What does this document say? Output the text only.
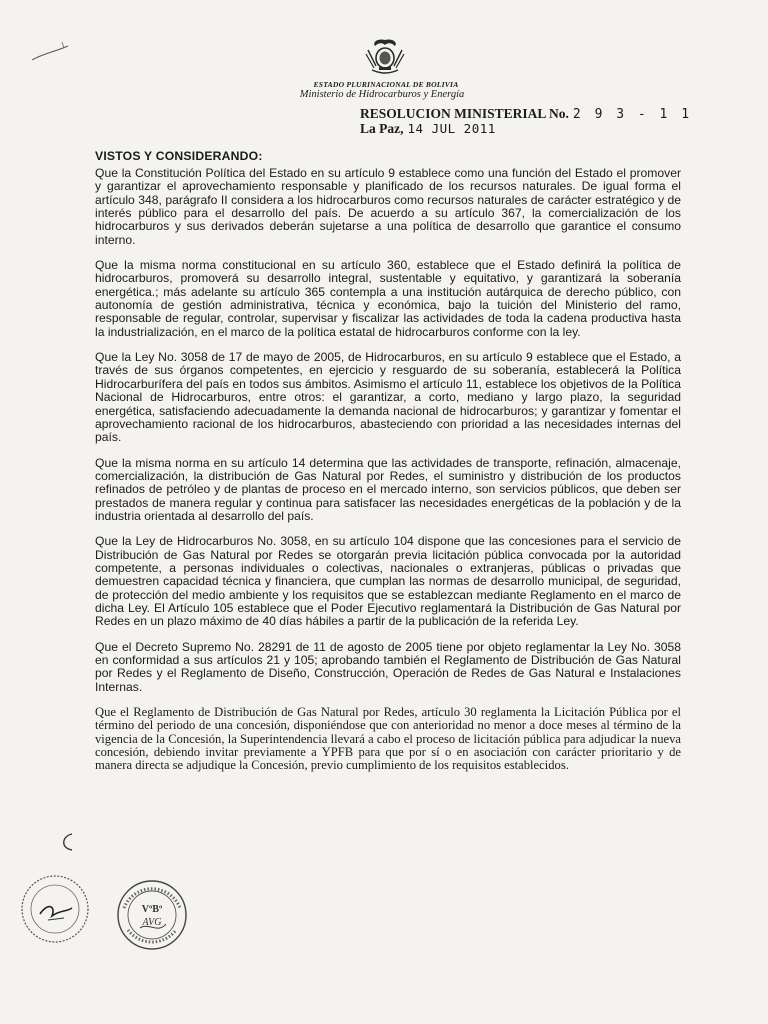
ESTADO PLURINACIONAL DE BOLIVIA
Ministerio de Hidrocarburos y Energía
RESOLUCION MINISTERIAL No. 2 9 3 - 1 1
La Paz, 14 JUL 2011
VISTOS Y CONSIDERANDO:

Que la Constitución Política del Estado en su artículo 9 establece como una función del Estado el promover y garantizar el aprovechamiento responsable y planificado de los recursos naturales. De igual forma el artículo 348, parágrafo II considera a los hidrocarburos como recursos naturales de carácter estratégico y de interés público para el desarrollo del país. De acuerdo a su artículo 367, la comercialización de los hidrocarburos y sus derivados deberán sujetarse a una política de desarrollo que garantice el consumo interno.

Que la misma norma constitucional en su artículo 360, establece que el Estado definirá la política de hidrocarburos, promoverá su desarrollo integral, sustentable y equitativo, y garantizará la soberanía energética.; más adelante su artículo 365 contempla a una institución autárquica de derecho público, con autonomía de gestión administrativa, técnica y económica, bajo la tuición del Ministerio del ramo, responsable de regular, controlar, supervisar y fiscalizar las actividades de toda la cadena productiva hasta la industrialización, en el marco de la política estatal de hidrocarburos conforme con la ley.

Que la Ley No. 3058 de 17 de mayo de 2005, de Hidrocarburos, en su artículo 9 establece que el Estado, a través de sus órganos competentes, en ejercicio y resguardo de su soberanía, establecerá la Política Hidrocarburífera del país en todos sus ámbitos. Asimismo el artículo 11, establece los objetivos de la Política Nacional de Hidrocarburos, entre otros: el garantizar, a corto, mediano y largo plazo, la seguridad energética, satisfaciendo adecuadamente la demanda nacional de hidrocarburos; y garantizar y fomentar el aprovechamiento racional de los hidrocarburos, abasteciendo con prioridad a las necesidades internas del país.

Que la misma norma en su artículo 14 determina que las actividades de transporte, refinación, almacenaje, comercialización, la distribución de Gas Natural por Redes, el suministro y distribución de los productos refinados de petróleo y de plantas de proceso en el mercado interno, son servicios públicos, que deben ser prestados de manera regular y continua para satisfacer las necesidades energéticas de la población y de la industria orientada al desarrollo del país.

Que la Ley de Hidrocarburos No. 3058, en su artículo 104 dispone que las concesiones para el servicio de Distribución de Gas Natural por Redes se otorgarán previa licitación pública convocada por la autoridad competente, a personas individuales o colectivas, nacionales o extranjeras, públicas o privadas que demuestren capacidad técnica y financiera, que cumplan las normas de desarrollo municipal, de seguridad, de protección del medio ambiente y los requisitos que se establezcan mediante Reglamento en el marco de dicha Ley. El Artículo 105 establece que el Poder Ejecutivo reglamentará la Distribución de Gas Natural por Redes en un plazo máximo de 40 días hábiles a partir de la publicación de la referida Ley.

Que el Decreto Supremo No. 28291 de 11 de agosto de 2005 tiene por objeto reglamentar la Ley No. 3058 en conformidad a sus artículos 21 y 105; aprobando también el Reglamento de Distribución de Gas Natural por Redes y el Reglamento de Diseño, Construcción, Operación de Redes de Gas Natural e Instalaciones Internas.

Que el Reglamento de Distribución de Gas Natural por Redes, artículo 30 reglamenta la Licitación Pública por el término del periodo de una concesión, disponiéndose que con anterioridad no menor a doce meses al término de la vigencia de la Concesión, la Superintendencia llevará a cabo el proceso de licitación pública para adjudicar la nueva concesión, debiendo invitar previamente a YPFB para que por sí o en asociación con carácter prioritario y de manera directa se adjudique la Concesión, previo cumplimiento de los requisitos establecidos.

VºBº
AVG
